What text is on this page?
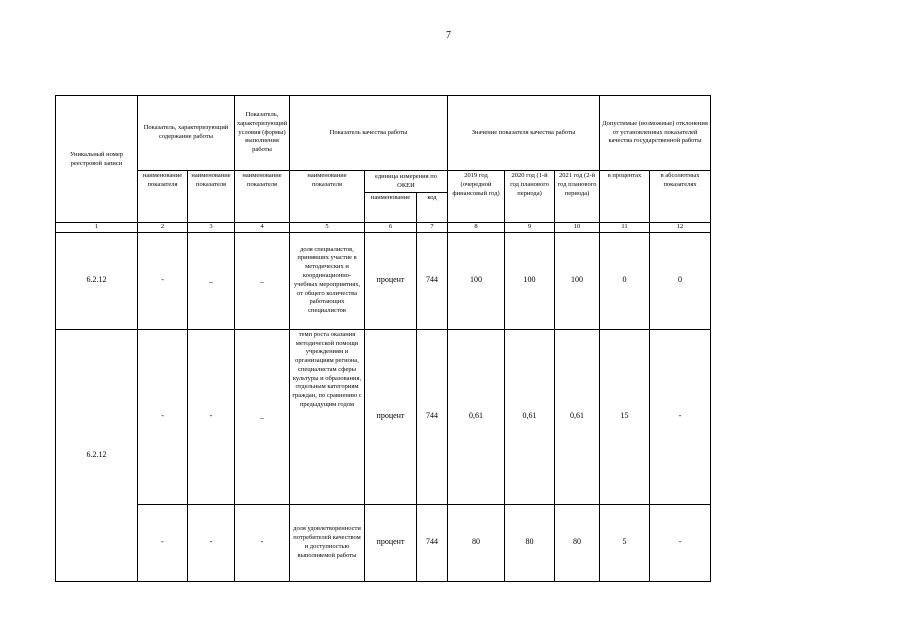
7
Уникальный номер реестровой записи	Показатель, характеризующий содержание работы		Показатель, характеризующий условия (формы) выполнения работы	Показатель качества работы			Значение показателя качества работы			Допустимые (возможные) отклонения от установленных показателей качества государственной работы	
	наименование показателя	наименование показателя	наименование показателя	наименование показателя	единица измерения по ОКЕИ		2019 год (очередной финансовый год)	2020 год (1-й год планового периода)	2021 год (2-й год планового периода)	в процентах	в абсолютных показателях
					наименование	код					
1	2	3	4	5	6	7	8	9	10	11	12
6.2.12	-	_	_	доля специалистов, принявших участие в методических и координационно-учебных мероприятиях, от общего количества работающих специалистов	процент	744	100	100	100	0	0
6.2.12	-	-	_	темп роста оказания методической помощи учреждениям и организациям региона, специалистам сферы культуры и образования, отдельным категориям граждан, по сравнению с предыдущим годом	процент	744	0,61	0,61	0,61	15	-
	-	-	-	доля удовлетворенности потребителей качеством и доступностью выполняемой работы	процент	744	80	80	80	5	-
